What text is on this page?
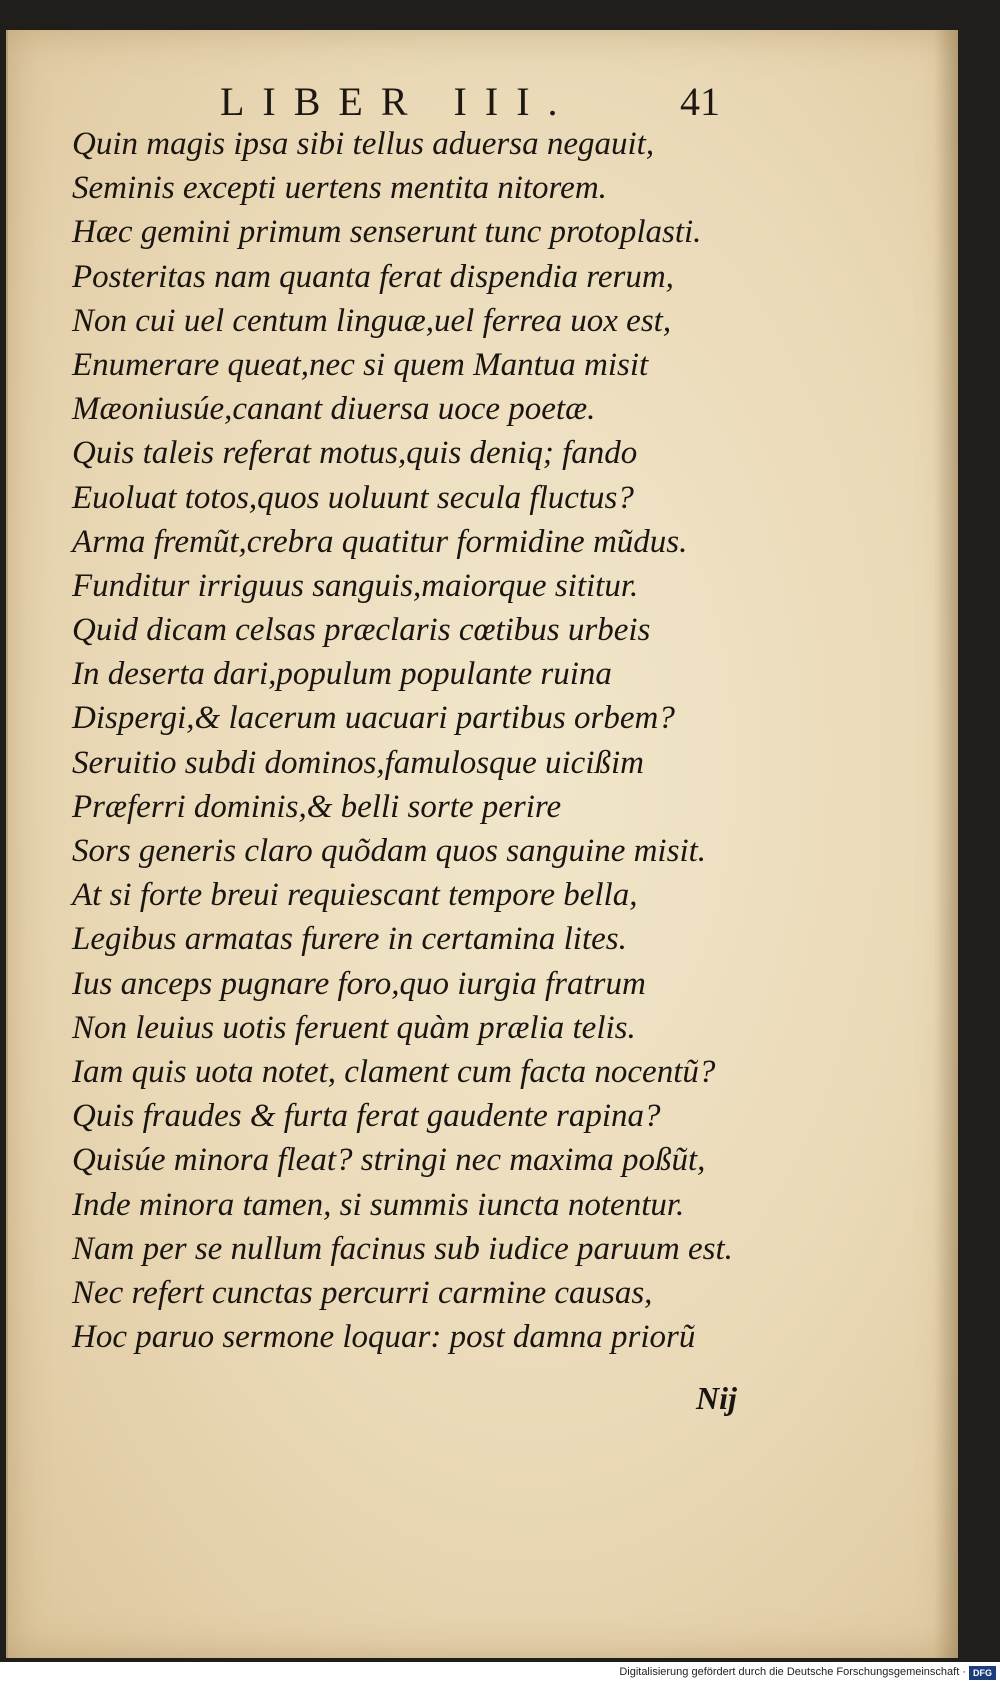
LIBER III.	41
Quin magis ipsa sibi tellus aduersa negauit,
Seminis excepti uertens mentita nitorem.
Hæc gemini primum senserunt tunc protoplasti.
Posteritas nam quanta ferat dispendia rerum,
Non cui uel centum linguæ,uel ferrea uox est,
Enumerare queat,nec si quem Mantua misit
Mæoniusúe,canant diuersa uoce poetæ.
Quis taleis referat motus,quis deniq; fando
Euoluat totos,quos uoluunt secula fluctus?
Arma fremũt,crebra quatitur formidine mũdus.
Funditur irriguus sanguis,maiorque sititur.
Quid dicam celsas præclaris cœtibus urbeis
In deserta dari,populum populante ruina
Dispergi,& lacerum uacuari partibus orbem?
Seruitio subdi dominos,famulosque uicißim
Præferri dominis,& belli sorte perire
Sors generis claro quõdam quos sanguine misit.
At si forte breui requiescant tempore bella,
Legibus armatas furere in certamina lites.
Ius anceps pugnare foro,quo iurgia fratrum
Non leuius uotis feruent quàm prælia telis.
Iam quis uota notet, clament cum facta nocentũ?
Quis fraudes & furta ferat gaudente rapina?
Quisúe minora fleat? stringi nec maxima poßũt,
Inde minora tamen, si summis iuncta notentur.
Nam per se nullum facinus sub iudice paruum est.
Nec refert cunctas percurri carmine causas,
Hoc paruo sermone loquar: post damna priorũ
Nij
Digitalisierung gefördert durch die Deutsche Forschungsgemeinschaft · DFG
